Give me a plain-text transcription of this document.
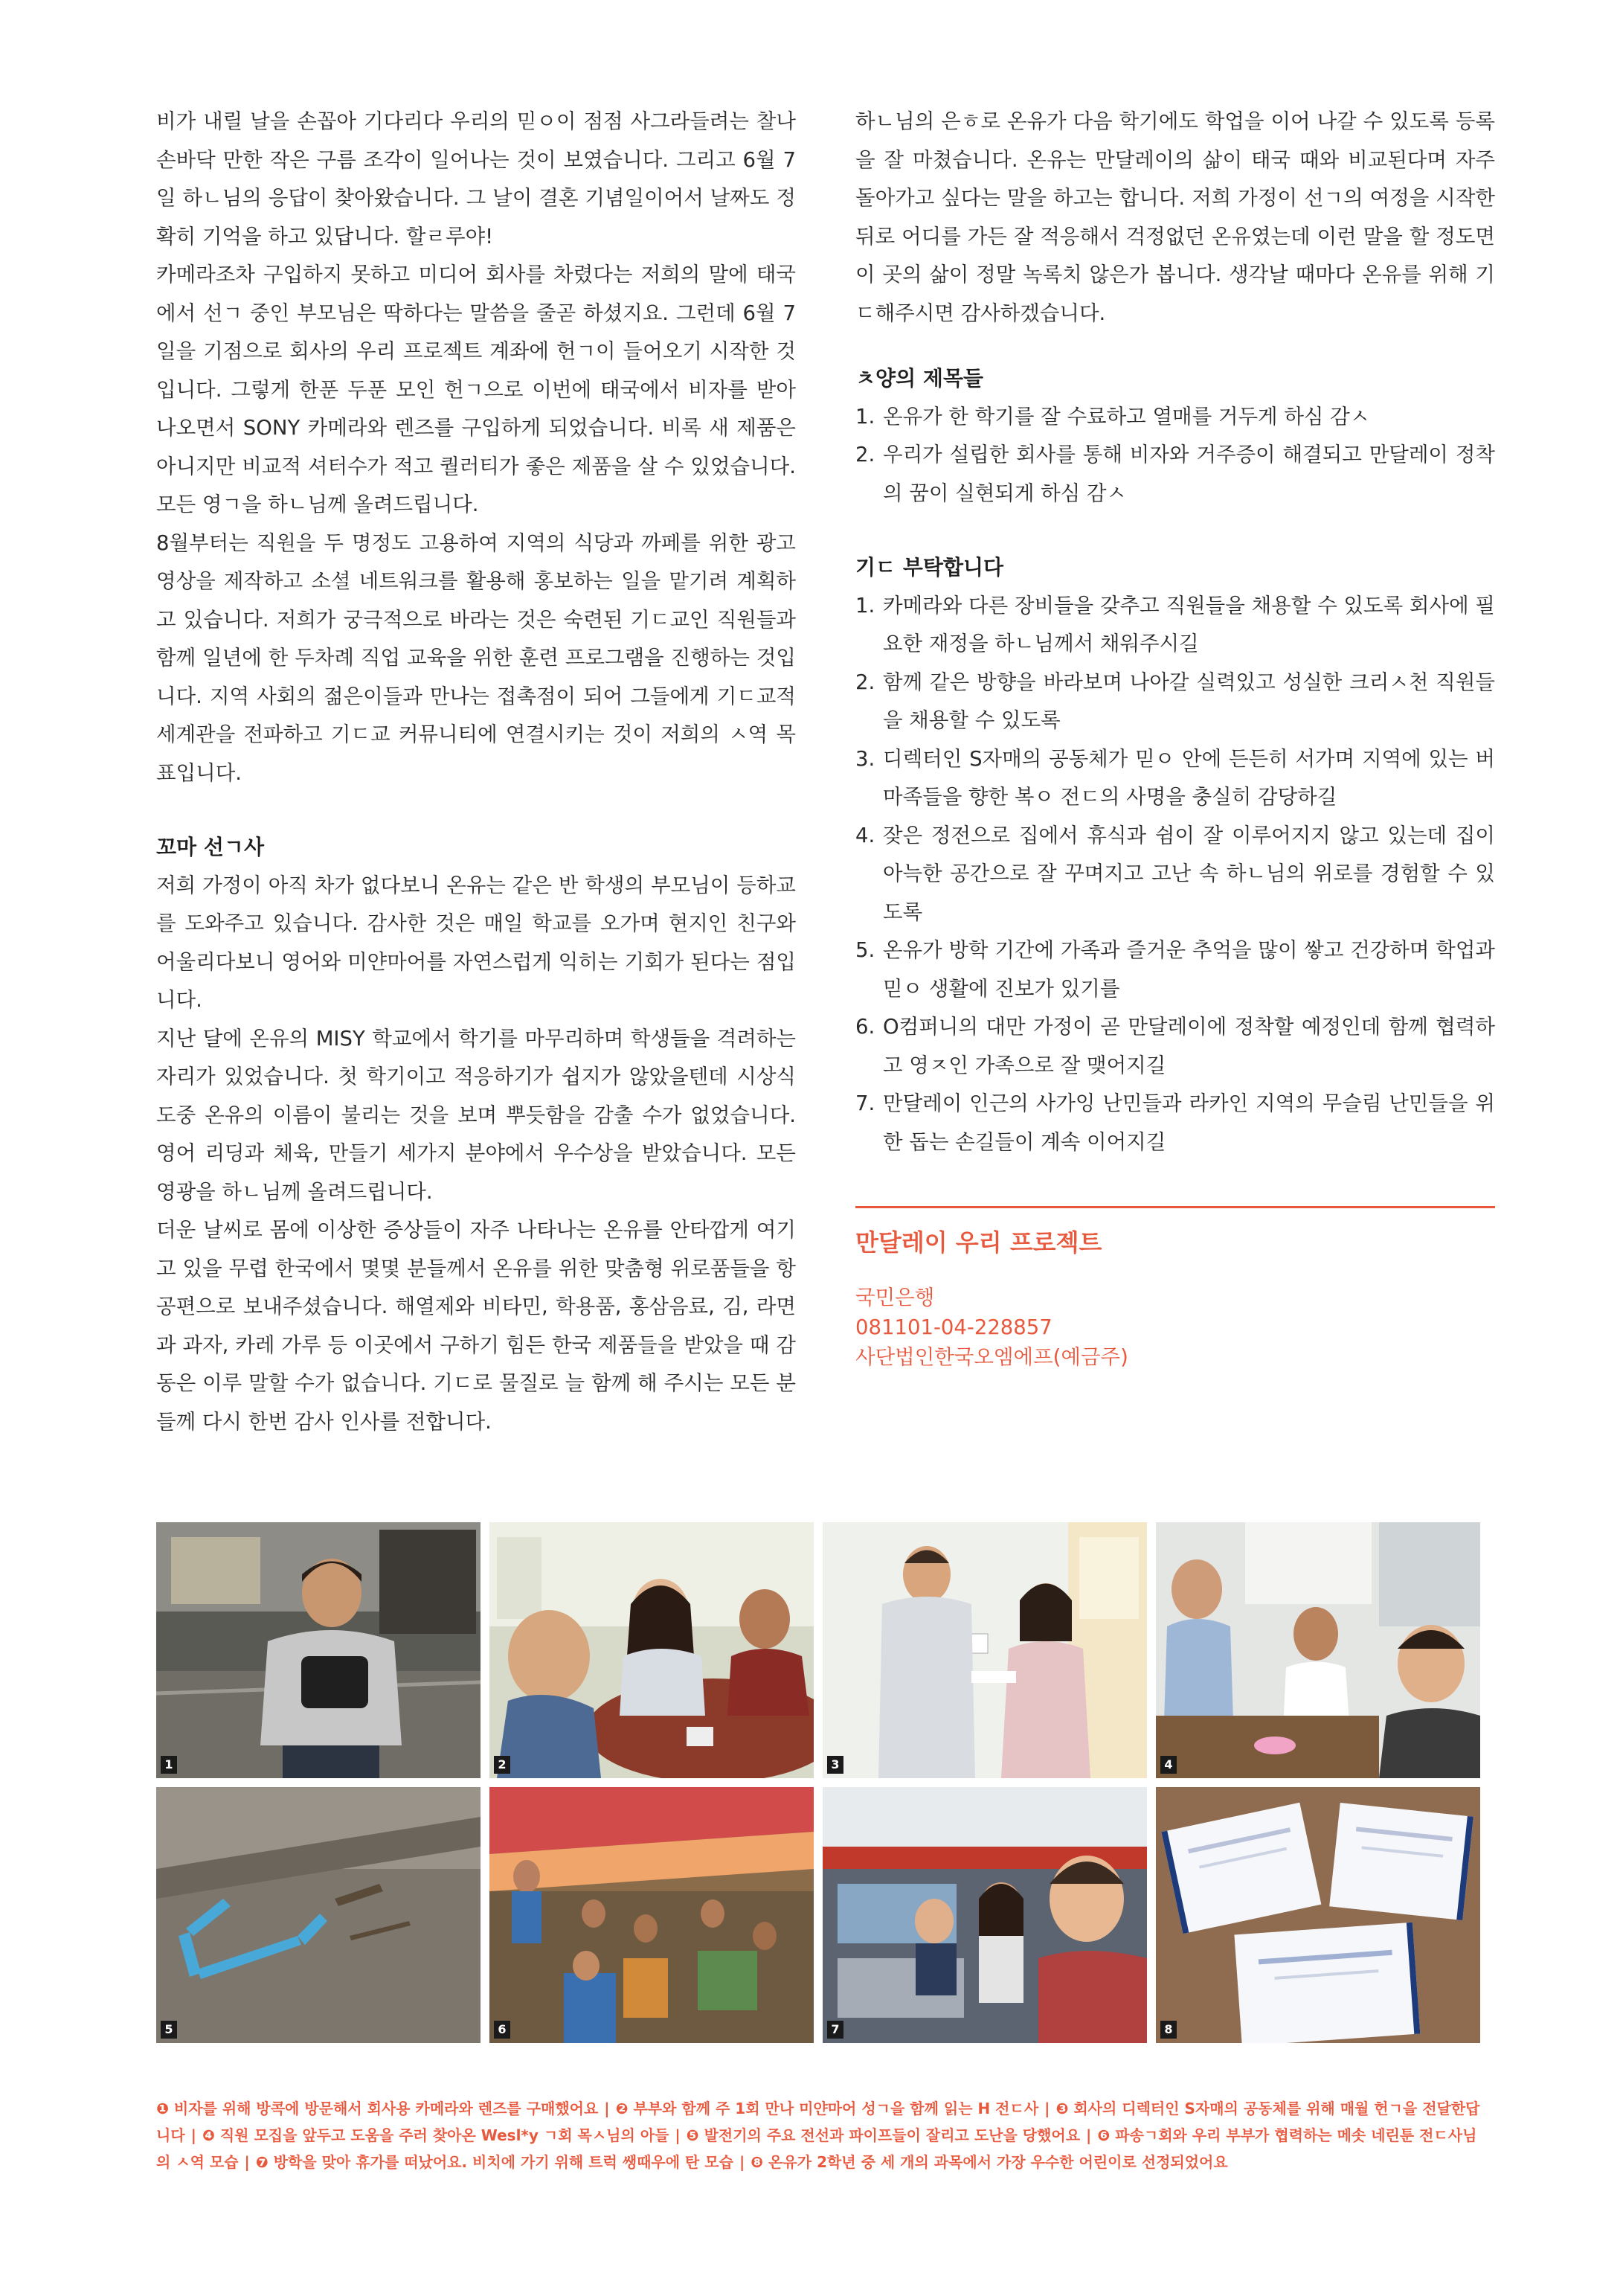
비가 내릴 날을 손꼽아 기다리다 우리의 믿ㅇ이 점점 사그라들려는 찰나 손바닥 만한 작은 구름 조각이 일어나는 것이 보였습니다. 그리고 6월 7일 하ㄴ님의 응답이 찾아왔습니다. 그 날이 결혼 기념일이어서 날짜도 정확히 기억을 하고 있답니다. 할ㄹ루야!

카메라조차 구입하지 못하고 미디어 회사를 차렸다는 저희의 말에 태국에서 선ㄱ 중인 부모님은 딱하다는 말씀을 줄곧 하셨지요. 그런데 6월 7일을 기점으로 회사의 우리 프로젝트 계좌에 헌ㄱ이 들어오기 시작한 것입니다. 그렇게 한푼 두푼 모인 헌ㄱ으로 이번에 태국에서 비자를 받아 나오면서 SONY 카메라와 렌즈를 구입하게 되었습니다. 비록 새 제품은 아니지만 비교적 셔터수가 적고 퀄러티가 좋은 제품을 살 수 있었습니다. 모든 영ㄱ을 하ㄴ님께 올려드립니다.

8월부터는 직원을 두 명정도 고용하여 지역의 식당과 까페를 위한 광고 영상을 제작하고 소셜 네트워크를 활용해 홍보하는 일을 맡기려 계획하고 있습니다. 저희가 궁극적으로 바라는 것은 숙련된 기ㄷ교인 직원들과 함께 일년에 한 두차례 직업 교육을 위한 훈련 프로그램을 진행하는 것입니다. 지역 사회의 젊은이들과 만나는 접촉점이 되어 그들에게 기ㄷ교적 세계관을 전파하고 기ㄷ교 커뮤니티에 연결시키는 것이 저희의 ㅅ역 목표입니다.

꼬마 선ㄱ사

저희 가정이 아직 차가 없다보니 온유는 같은 반 학생의 부모님이 등하교를 도와주고 있습니다. 감사한 것은 매일 학교를 오가며 현지인 친구와 어울리다보니 영어와 미얀마어를 자연스럽게 익히는 기회가 된다는 점입니다.

지난 달에 온유의 MISY 학교에서 학기를 마무리하며 학생들을 격려하는 자리가 있었습니다. 첫 학기이고 적응하기가 쉽지가 않았을텐데 시상식 도중 온유의 이름이 불리는 것을 보며 뿌듯함을 감출 수가 없었습니다. 영어 리딩과 체육, 만들기 세가지 분야에서 우수상을 받았습니다. 모든 영광을 하ㄴ님께 올려드립니다.

더운 날씨로 몸에 이상한 증상들이 자주 나타나는 온유를 안타깝게 여기고 있을 무렵 한국에서 몇몇 분들께서 온유를 위한 맞춤형 위로품들을 항공편으로 보내주셨습니다. 해열제와 비타민, 학용품, 홍삼음료, 김, 라면과 과자, 카레 가루 등 이곳에서 구하기 힘든 한국 제품들을 받았을 때 감동은 이루 말할 수가 없습니다. 기ㄷ로 물질로 늘 함께 해 주시는 모든 분들께 다시 한번 감사 인사를 전합니다.

하ㄴ님의 은ㅎ로 온유가 다음 학기에도 학업을 이어 나갈 수 있도록 등록을 잘 마쳤습니다. 온유는 만달레이의 삶이 태국 때와 비교된다며 자주 돌아가고 싶다는 말을 하고는 합니다. 저희 가정이 선ㄱ의 여정을 시작한 뒤로 어디를 가든 잘 적응해서 걱정없던 온유였는데 이런 말을 할 정도면 이 곳의 삶이 정말 녹록치 않은가 봅니다. 생각날 때마다 온유를 위해 기ㄷ해주시면 감사하겠습니다.

ㅊ양의 제목들

1. 온유가 한 학기를 잘 수료하고 열매를 거두게 하심 감ㅅ
2. 우리가 설립한 회사를 통해 비자와 거주증이 해결되고 만달레이 정착의 꿈이 실현되게 하심 감ㅅ

기ㄷ 부탁합니다

1. 카메라와 다른 장비들을 갖추고 직원들을 채용할 수 있도록 회사에 필요한 재정을 하ㄴ님께서 채워주시길
2. 함께 같은 방향을 바라보며 나아갈 실력있고 성실한 크리ㅅ천 직원들을 채용할 수 있도록
3. 디렉터인 S자매의 공동체가 믿ㅇ 안에 든든히 서가며 지역에 있는 버마족들을 향한 복ㅇ 전ㄷ의 사명을 충실히 감당하길
4. 잦은 정전으로 집에서 휴식과 쉼이 잘 이루어지지 않고 있는데 집이 아늑한 공간으로 잘 꾸며지고 고난 속 하ㄴ님의 위로를 경험할 수 있도록
5. 온유가 방학 기간에 가족과 즐거운 추억을 많이 쌓고 건강하며 학업과 믿ㅇ 생활에 진보가 있기를
6. O컴퍼니의 대만 가정이 곧 만달레이에 정착할 예정인데 함께 협력하고 영ㅈ인 가족으로 잘 맺어지길
7. 만달레이 인근의 사가잉 난민들과 라카인 지역의 무슬림 난민들을 위한 돕는 손길들이 계속 이어지길
만달레이 우리 프로젝트
국민은행
081101-04-228857
사단법인한국오엠에프(예금주)
1	2	3	4
5	6	7	8
❶ 비자를 위해 방콕에 방문해서 회사용 카메라와 렌즈를 구매했어요 | ❷ 부부와 함께 주 1회 만나 미얀마어 성ㄱ을 함께 읽는 H 전ㄷ사 | ❸ 회사의 디렉터인 S자매의 공동체를 위해 매월 헌ㄱ을 전달한답니다 | ❹ 직원 모집을 앞두고 도움을 주러 찾아온 Wesl*y ㄱ회 목ㅅ님의 아들 | ❺ 발전기의 주요 전선과 파이프들이 잘리고 도난을 당했어요 | ❻ 파송ㄱ회와 우리 부부가 협력하는 메솟 네린툰 전ㄷ사님의 ㅅ역 모습 | ❼ 방학을 맞아 휴가를 떠났어요. 비치에 가기 위해 트럭 쌩때우에 탄 모습 | ❽ 온유가 2학년 중 세 개의 과목에서 가장 우수한 어린이로 선정되었어요
